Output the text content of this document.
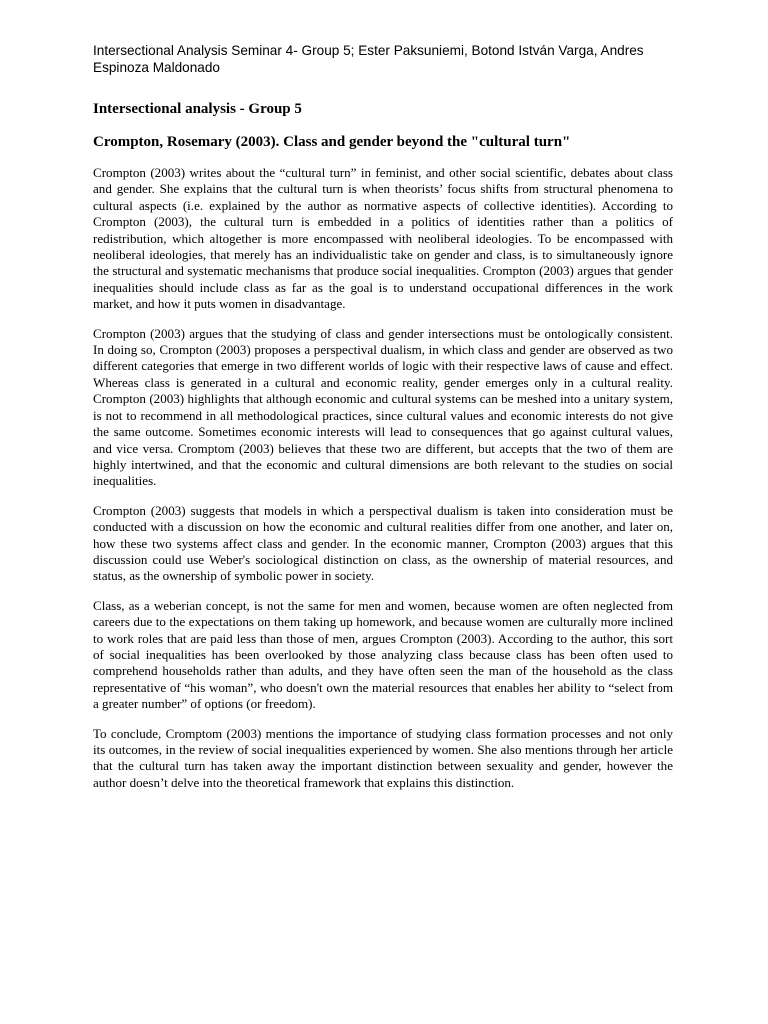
Intersectional Analysis Seminar 4- Group 5; Ester Paksuniemi, Botond István Varga, Andres Espinoza Maldonado

Intersectional analysis - Group 5
Crompton, Rosemary (2003). Class and gender beyond the "cultural turn"

Crompton (2003) writes about the “cultural turn” in feminist, and other social scientific, debates about class and gender. She explains that the cultural turn is when theorists’ focus shifts from structural phenomena to cultural aspects (i.e. explained by the author as normative aspects of collective identities). According to Crompton (2003), the cultural turn is embedded in a politics of identities rather than a politics of redistribution, which altogether is more encompassed with neoliberal ideologies. To be encompassed with neoliberal ideologies, that merely has an individualistic take on gender and class, is to simultaneously ignore the structural and systematic mechanisms that produce social inequalities. Crompton (2003) argues that gender inequalities should include class as far as the goal is to understand occupational differences in the work market, and how it puts women in disadvantage.

Crompton (2003) argues that the studying of class and gender intersections must be ontologically consistent. In doing so, Crompton (2003) proposes a perspectival dualism, in which class and gender are observed as two different categories that emerge in two different worlds of logic with their respective laws of cause and effect. Whereas class is generated in a cultural and economic reality, gender emerges only in a cultural reality. Crompton (2003) highlights that although economic and cultural systems can be meshed into a unitary system, is not to recommend in all methodological practices, since cultural values and economic interests do not give the same outcome. Sometimes economic interests will lead to consequences that go against cultural values, and vice versa. Cromptom (2003) believes that these two are different, but accepts that the two of them are highly intertwined, and that the economic and cultural dimensions are both relevant to the studies on social inequalities.

Crompton (2003) suggests that models in which a perspectival dualism is taken into consideration must be conducted with a discussion on how the economic and cultural realities differ from one another, and later on, how these two systems affect class and gender. In the economic manner, Crompton (2003) argues that this discussion could use Weber's sociological distinction on class, as the ownership of material resources, and status, as the ownership of symbolic power in society.

Class, as a weberian concept, is not the same for men and women, because women are often neglected from careers due to the expectations on them taking up homework, and because women are culturally more inclined to work roles that are paid less than those of men, argues Crompton (2003). According to the author, this sort of social inequalities has been overlooked by those analyzing class because class has been often used to comprehend households rather than adults, and they have often seen the man of the household as the class representative of “his woman”, who doesn't own the material resources that enables her ability to “select from a greater number” of options (or freedom).

To conclude, Cromptom (2003) mentions the importance of studying class formation processes and not only its outcomes, in the review of social inequalities experienced by women. She also mentions through her article that the cultural turn has taken away the important distinction between sexuality and gender, however the author doesn’t delve into the theoretical framework that explains this distinction.
